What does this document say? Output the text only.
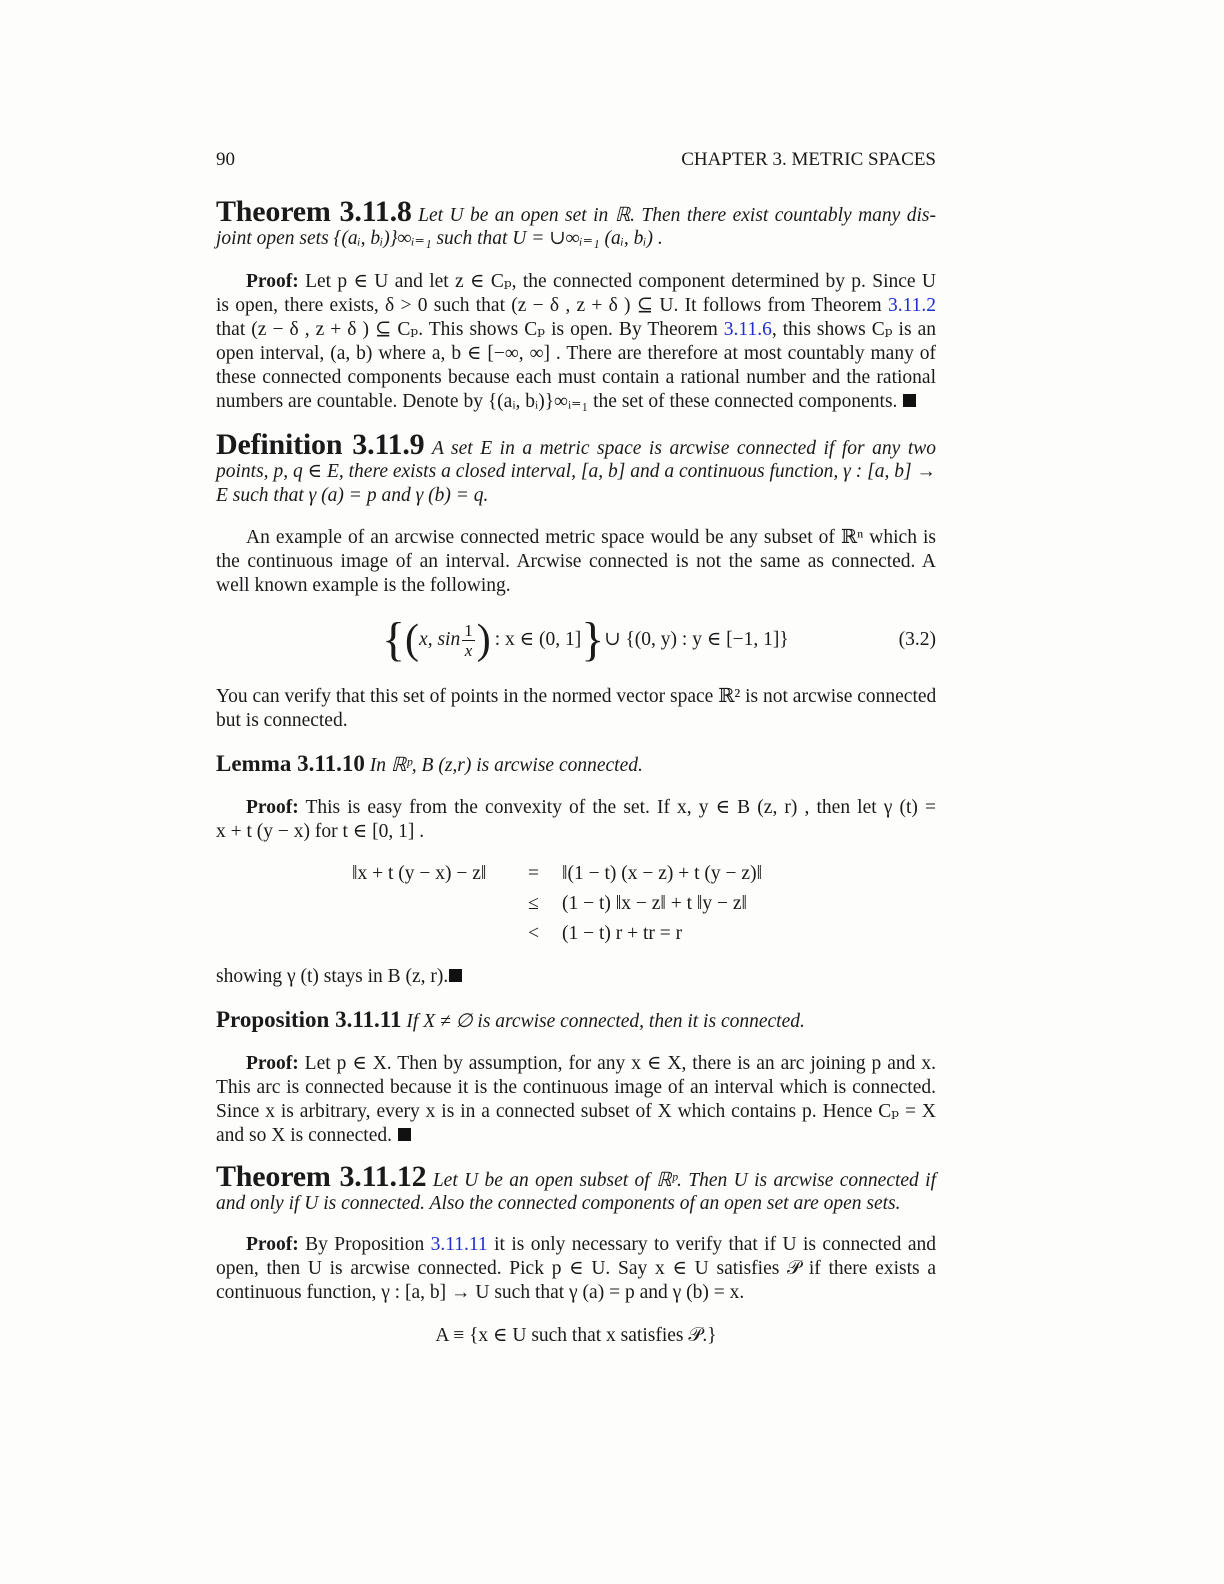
90	CHAPTER 3. METRIC SPACES
Theorem 3.11.8 Let U be an open set in ℝ. Then there exist countably many dis-
joint open sets {(aᵢ, bᵢ)}∞ᵢ₌₁ such that U = ∪∞ᵢ₌₁ (aᵢ, bᵢ) .
Proof: Let p ∈ U and let z ∈ Cₚ, the connected component determined by p. Since U
is open, there exists, δ > 0 such that (z − δ , z + δ ) ⊆ U. It follows from Theorem 3.11.2
that (z − δ , z + δ ) ⊆ Cₚ. This shows Cₚ is open. By Theorem 3.11.6, this shows Cₚ is an
open interval, (a, b) where a, b ∈ [−∞, ∞] . There are therefore at most countably many of
these connected components because each must contain a rational number and the rational
numbers are countable. Denote by {(aᵢ, bᵢ)}∞ᵢ₌₁ the set of these connected components.
Definition 3.11.9 A set E in a metric space is arcwise connected if for any two
points, p, q ∈ E, there exists a closed interval, [a, b] and a continuous function, γ : [a, b] →
E such that γ (a) = p and γ (b) = q.
An example of an arcwise connected metric space would be any subset of ℝⁿ which is
the continuous image of an interval. Arcwise connected is not the same as connected. A
well known example is the following.
{ ( x, $\sin \frac{1}{x}$ ) : x ∈ (0, 1] } ∪ {(0, y) : y ∈ [−1, 1]}	(3.2)
You can verify that this set of points in the normed vector space ℝ² is not arcwise connected
but is connected.
Lemma 3.11.10 In ℝᵖ, B (z,r) is arcwise connected.
Proof: This is easy from the convexity of the set. If x, y ∈ B (z, r) , then let γ (t) =
x + t (y − x) for t ∈ [0, 1] .
‖x + t (y − x) − z‖ = ‖(1 − t) (x − z) + t (y − z)‖
≤ (1 − t) ‖x − z‖ + t ‖y − z‖
< (1 − t) r + tr = r
showing γ (t) stays in B (z, r).
Proposition 3.11.11 If X ≠ ∅ is arcwise connected, then it is connected.
Proof: Let p ∈ X. Then by assumption, for any x ∈ X, there is an arc joining p and x.
This arc is connected because it is the continuous image of an interval which is connected.
Since x is arbitrary, every x is in a connected subset of X which contains p. Hence Cₚ = X
and so X is connected.
Theorem 3.11.12 Let U be an open subset of ℝᵖ. Then U is arcwise connected if
and only if U is connected. Also the connected components of an open set are open sets.
Proof: By Proposition 3.11.11 it is only necessary to verify that if U is connected and
open, then U is arcwise connected. Pick p ∈ U. Say x ∈ U satisfies 𝒫 if there exists a
continuous function, γ : [a, b] → U such that γ (a) = p and γ (b) = x.
A ≡ {x ∈ U such that x satisfies 𝒫.}
